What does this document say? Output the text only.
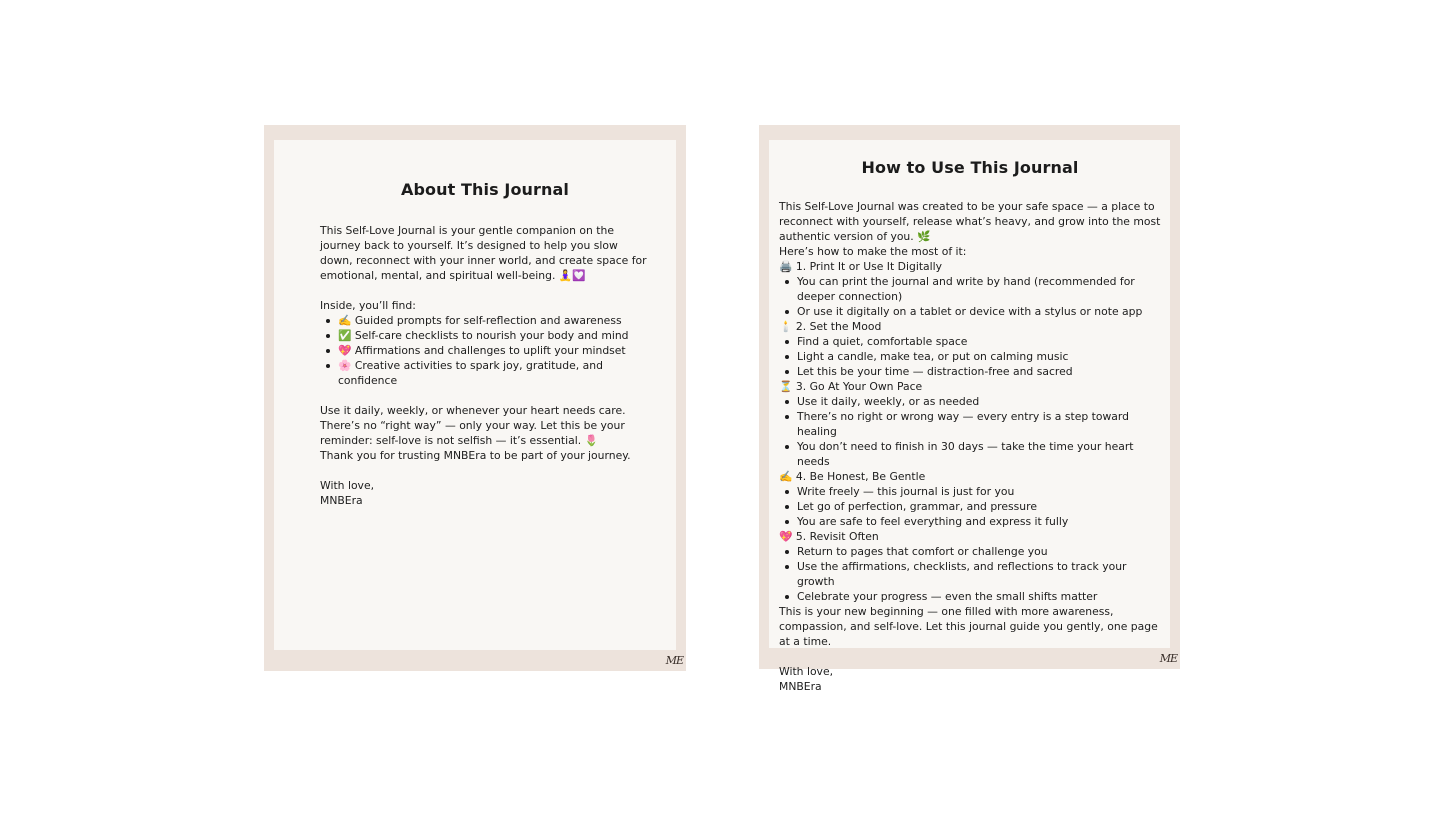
About This Journal

This Self-Love Journal is your gentle companion on the journey back to yourself. It’s designed to help you slow down, reconnect with your inner world, and create space for emotional, mental, and spiritual well-being. 🧘‍♀️💟

Inside, you’ll find:

✍️ Guided prompts for self-reflection and awareness
✅ Self-care checklists to nourish your body and mind
💖 Affirmations and challenges to uplift your mindset
🌸 Creative activities to spark joy, gratitude, and confidence

Use it daily, weekly, or whenever your heart needs care. There’s no “right way” — only your way. Let this be your reminder: self-love is not selfish — it’s essential. 🌷

Thank you for trusting MNBEra to be part of your journey.

With love,

MNBEra

ME
How to Use This Journal

This Self-Love Journal was created to be your safe space — a place to reconnect with yourself, release what’s heavy, and grow into the most authentic version of you. 🌿

Here’s how to make the most of it:

🖨️ 1. Print It or Use It Digitally

You can print the journal and write by hand (recommended for deeper connection)
Or use it digitally on a tablet or device with a stylus or note app

🕯️ 2. Set the Mood

Find a quiet, comfortable space
Light a candle, make tea, or put on calming music
Let this be your time — distraction-free and sacred

⏳ 3. Go At Your Own Pace

Use it daily, weekly, or as needed
There’s no right or wrong way — every entry is a step toward healing
You don’t need to finish in 30 days — take the time your heart needs

✍️ 4. Be Honest, Be Gentle

Write freely — this journal is just for you
Let go of perfection, grammar, and pressure
You are safe to feel everything and express it fully

💖 5. Revisit Often

Return to pages that comfort or challenge you
Use the affirmations, checklists, and reflections to track your growth
Celebrate your progress — even the small shifts matter

This is your new beginning — one filled with more awareness, compassion, and self-love. Let this journal guide you gently, one page at a time.

With love,

MNBEra

ME
